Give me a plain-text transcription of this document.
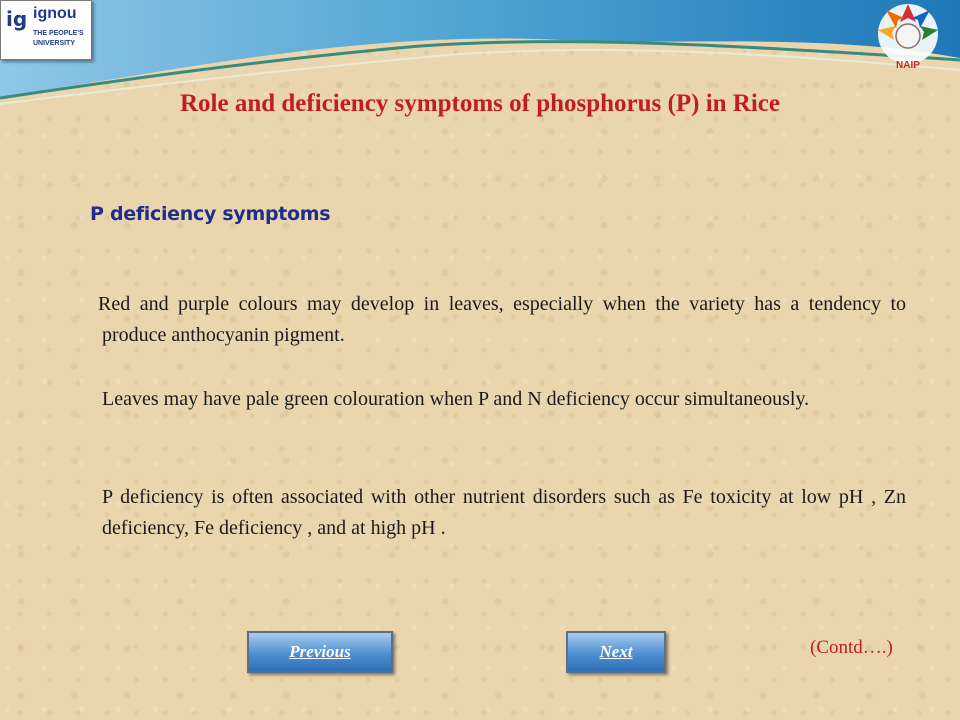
ig ignou
THE PEOPLE'S
UNIVERSITY
NAIP
Role and deficiency symptoms of phosphorus (P) in Rice
P deficiency symptoms

Red and purple colours may develop in leaves, especially when the variety has a tendency to produce anthocyanin pigment.

Leaves may have pale green colouration when P and N deficiency occur simultaneously.

P deficiency is often associated with other nutrient disorders such as Fe toxicity at low pH , Zn deficiency, Fe deficiency , and at high pH .

Previous	Next	(Contd….)
